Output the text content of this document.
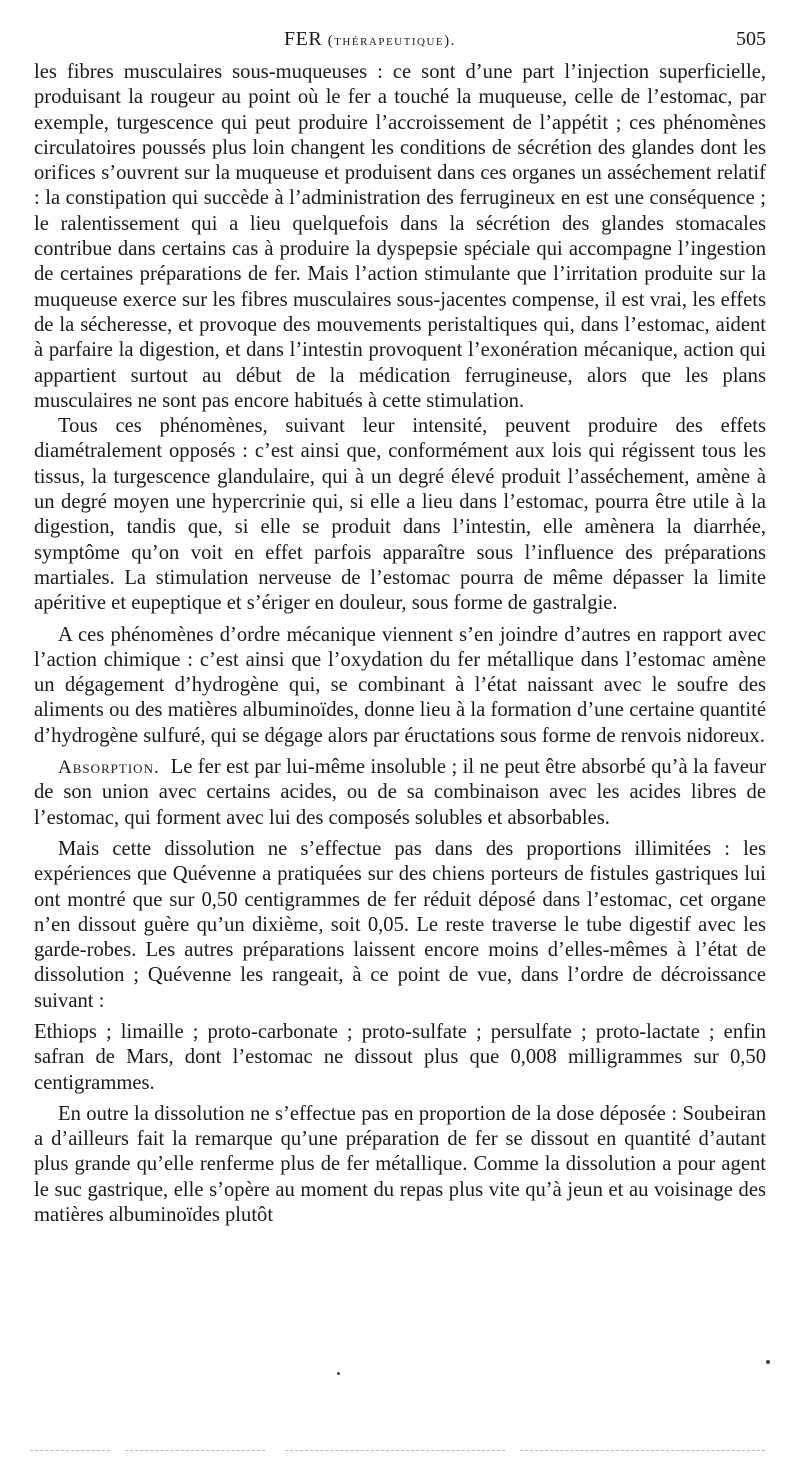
FER (thérapeutique).	505

les fibres musculaires sous-muqueuses : ce sont d’une part l’injection superficielle, produisant la rougeur au point où le fer a touché la muqueuse, celle de l’estomac, par exemple, turgescence qui peut produire l’accroissement de l’appétit ; ces phénomènes circulatoires poussés plus loin changent les conditions de sécrétion des glandes dont les orifices s’ouvrent sur la muqueuse et produisent dans ces organes un asséchement relatif : la constipation qui succède à l’administration des ferrugineux en est une conséquence ; le ralentissement qui a lieu quelquefois dans la sécrétion des glandes stomacales contribue dans certains cas à produire la dyspepsie spéciale qui accompagne l’ingestion de certaines préparations de fer. Mais l’action stimulante que l’irritation produite sur la muqueuse exerce sur les fibres musculaires sous-jacentes compense, il est vrai, les effets de la sécheresse, et provoque des mouvements peristaltiques qui, dans l’estomac, aident à parfaire la digestion, et dans l’intestin provoquent l’exonération mécanique, action qui appartient surtout au début de la médication ferrugineuse, alors que les plans musculaires ne sont pas encore habitués à cette stimulation.

Tous ces phénomènes, suivant leur intensité, peuvent produire des effets diamétralement opposés : c’est ainsi que, conformément aux lois qui régissent tous les tissus, la turgescence glandulaire, qui à un degré élevé produit l’asséchement, amène à un degré moyen une hypercrinie qui, si elle a lieu dans l’estomac, pourra être utile à la digestion, tandis que, si elle se produit dans l’intestin, elle amènera la diarrhée, symptôme qu’on voit en effet parfois apparaître sous l’influence des préparations martiales. La stimulation nerveuse de l’estomac pourra de même dépasser la limite apéritive et eupeptique et s’ériger en douleur, sous forme de gastralgie.

A ces phénomènes d’ordre mécanique viennent s’en joindre d’autres en rapport avec l’action chimique : c’est ainsi que l’oxydation du fer métallique dans l’estomac amène un dégagement d’hydrogène qui, se combinant à l’état naissant avec le soufre des aliments ou des matières albuminoïdes, donne lieu à la formation d’une certaine quantité d’hydrogène sulfuré, qui se dégage alors par éructations sous forme de renvois nidoreux.

Absorption. Le fer est par lui-même insoluble ; il ne peut être absorbé qu’à la faveur de son union avec certains acides, ou de sa combinaison avec les acides libres de l’estomac, qui forment avec lui des composés solubles et absorbables.

Mais cette dissolution ne s’effectue pas dans des proportions illimitées : les expériences que Quévenne a pratiquées sur des chiens porteurs de fistules gastriques lui ont montré que sur 0,50 centigrammes de fer réduit déposé dans l’estomac, cet organe n’en dissout guère qu’un dixième, soit 0,05. Le reste traverse le tube digestif avec les garde-robes. Les autres préparations laissent encore moins d’elles-mêmes à l’état de dissolution ; Quévenne les rangeait, à ce point de vue, dans l’ordre de décroissance suivant :

Ethiops ; limaille ; proto-carbonate ; proto-sulfate ; persulfate ; proto-lactate ; enfin safran de Mars, dont l’estomac ne dissout plus que 0,008 milligrammes sur 0,50 centigrammes.

En outre la dissolution ne s’effectue pas en proportion de la dose déposée : Soubeiran a d’ailleurs fait la remarque qu’une préparation de fer se dissout en quantité d’autant plus grande qu’elle renferme plus de fer métallique. Comme la dissolution a pour agent le suc gastrique, elle s’opère au moment du repas plus vite qu’à jeun et au voisinage des matières albuminoïdes plutôt
